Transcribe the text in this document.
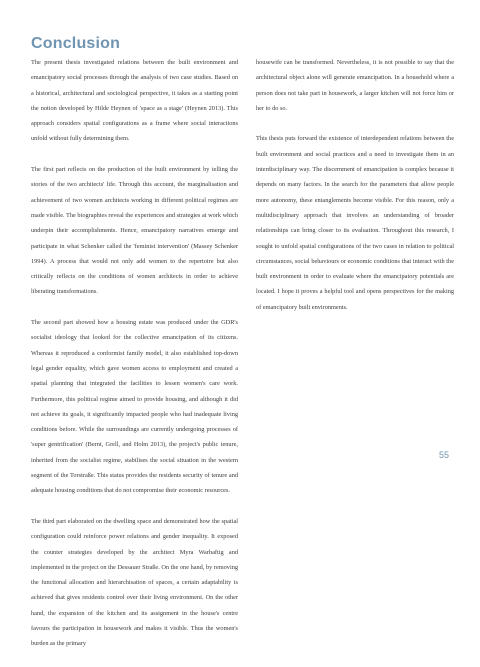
Conclusion

The present thesis investigated relations between the built environment and emancipatory social processes through the analysis of two case studies. Based on a historical, architectural and sociological perspective, it takes as a starting point the notion developed by Hilde Heynen of 'space as a stage' (Heynen 2013). This approach considers spatial configurations as a frame where social interactions unfold without fully determining them.

The first part reflects on the production of the built environment by telling the stories of the two architects' life. Through this account, the marginalisation and achievement of two women architects working in different political regimes are made visible. The biographies reveal the experiences and strategies at work which underpin their accomplishments. Hence, emancipatory narratives emerge and participate in what Schenker called the 'feminist intervention' (Massey Schenker 1994). A process that would not only add women to the repertoire but also critically reflects on the conditions of women architects in order to achieve liberating transformations.

The second part showed how a housing estate was produced under the GDR's socialist ideology that looked for the collective emancipation of its citizens. Whereas it reproduced a conformist family model, it also established top-down legal gender equality, which gave women access to employment and created a spatial planning that integrated the facilities to lessen women's care work. Furthermore, this political regime aimed to provide housing, and although it did not achieve its goals, it significantly impacted people who had inadequate living conditions before. While the surroundings are currently undergoing processes of 'super gentrification' (Bernt, Grell, and Holm 2013), the project's public tenure, inherited from the socialist regime, stabilises the social situation in the western segment of the Torstraße. This status provides the residents security of tenure and adequate housing conditions that do not compromise their economic resources.

The third part elaborated on the dwelling space and demonstrated how the spatial configuration could reinforce power relations and gender inequality. It exposed the counter strategies developed by the architect Myra Warhaftig and implemented in the project on the Dessauer Straße. On the one hand, by removing the functional allocation and hierarchisation of spaces, a certain adaptability is achieved that gives residents control over their living environment. On the other hand, the expansion of the kitchen and its assignment in the house's centre favours the participation in housework and makes it visible. Thus the women's burden as the primary

housewife can be transformed. Nevertheless, it is not possible to say that the architectural object alone will generate emancipation. In a household where a person does not take part in housework, a larger kitchen will not force him or her to do so.

This thesis puts forward the existence of interdependent relations between the built environment and social practices and a need to investigate them in an interdisciplinary way. The discernment of emancipation is complex because it depends on many factors. In the search for the parameters that allow people more autonomy, these entanglements become visible. For this reason, only a multidisciplinary approach that involves an understanding of broader relationships can bring closer to its evaluation. Throughout this research, I sought to unfold spatial configurations of the two cases in relation to political circumstances, social behaviours or economic conditions that interact with the built environment in order to evaluate where the emancipatory potentials are located. I hope it proves a helpful tool and opens perspectives for the making of emancipatory built environments.

55
